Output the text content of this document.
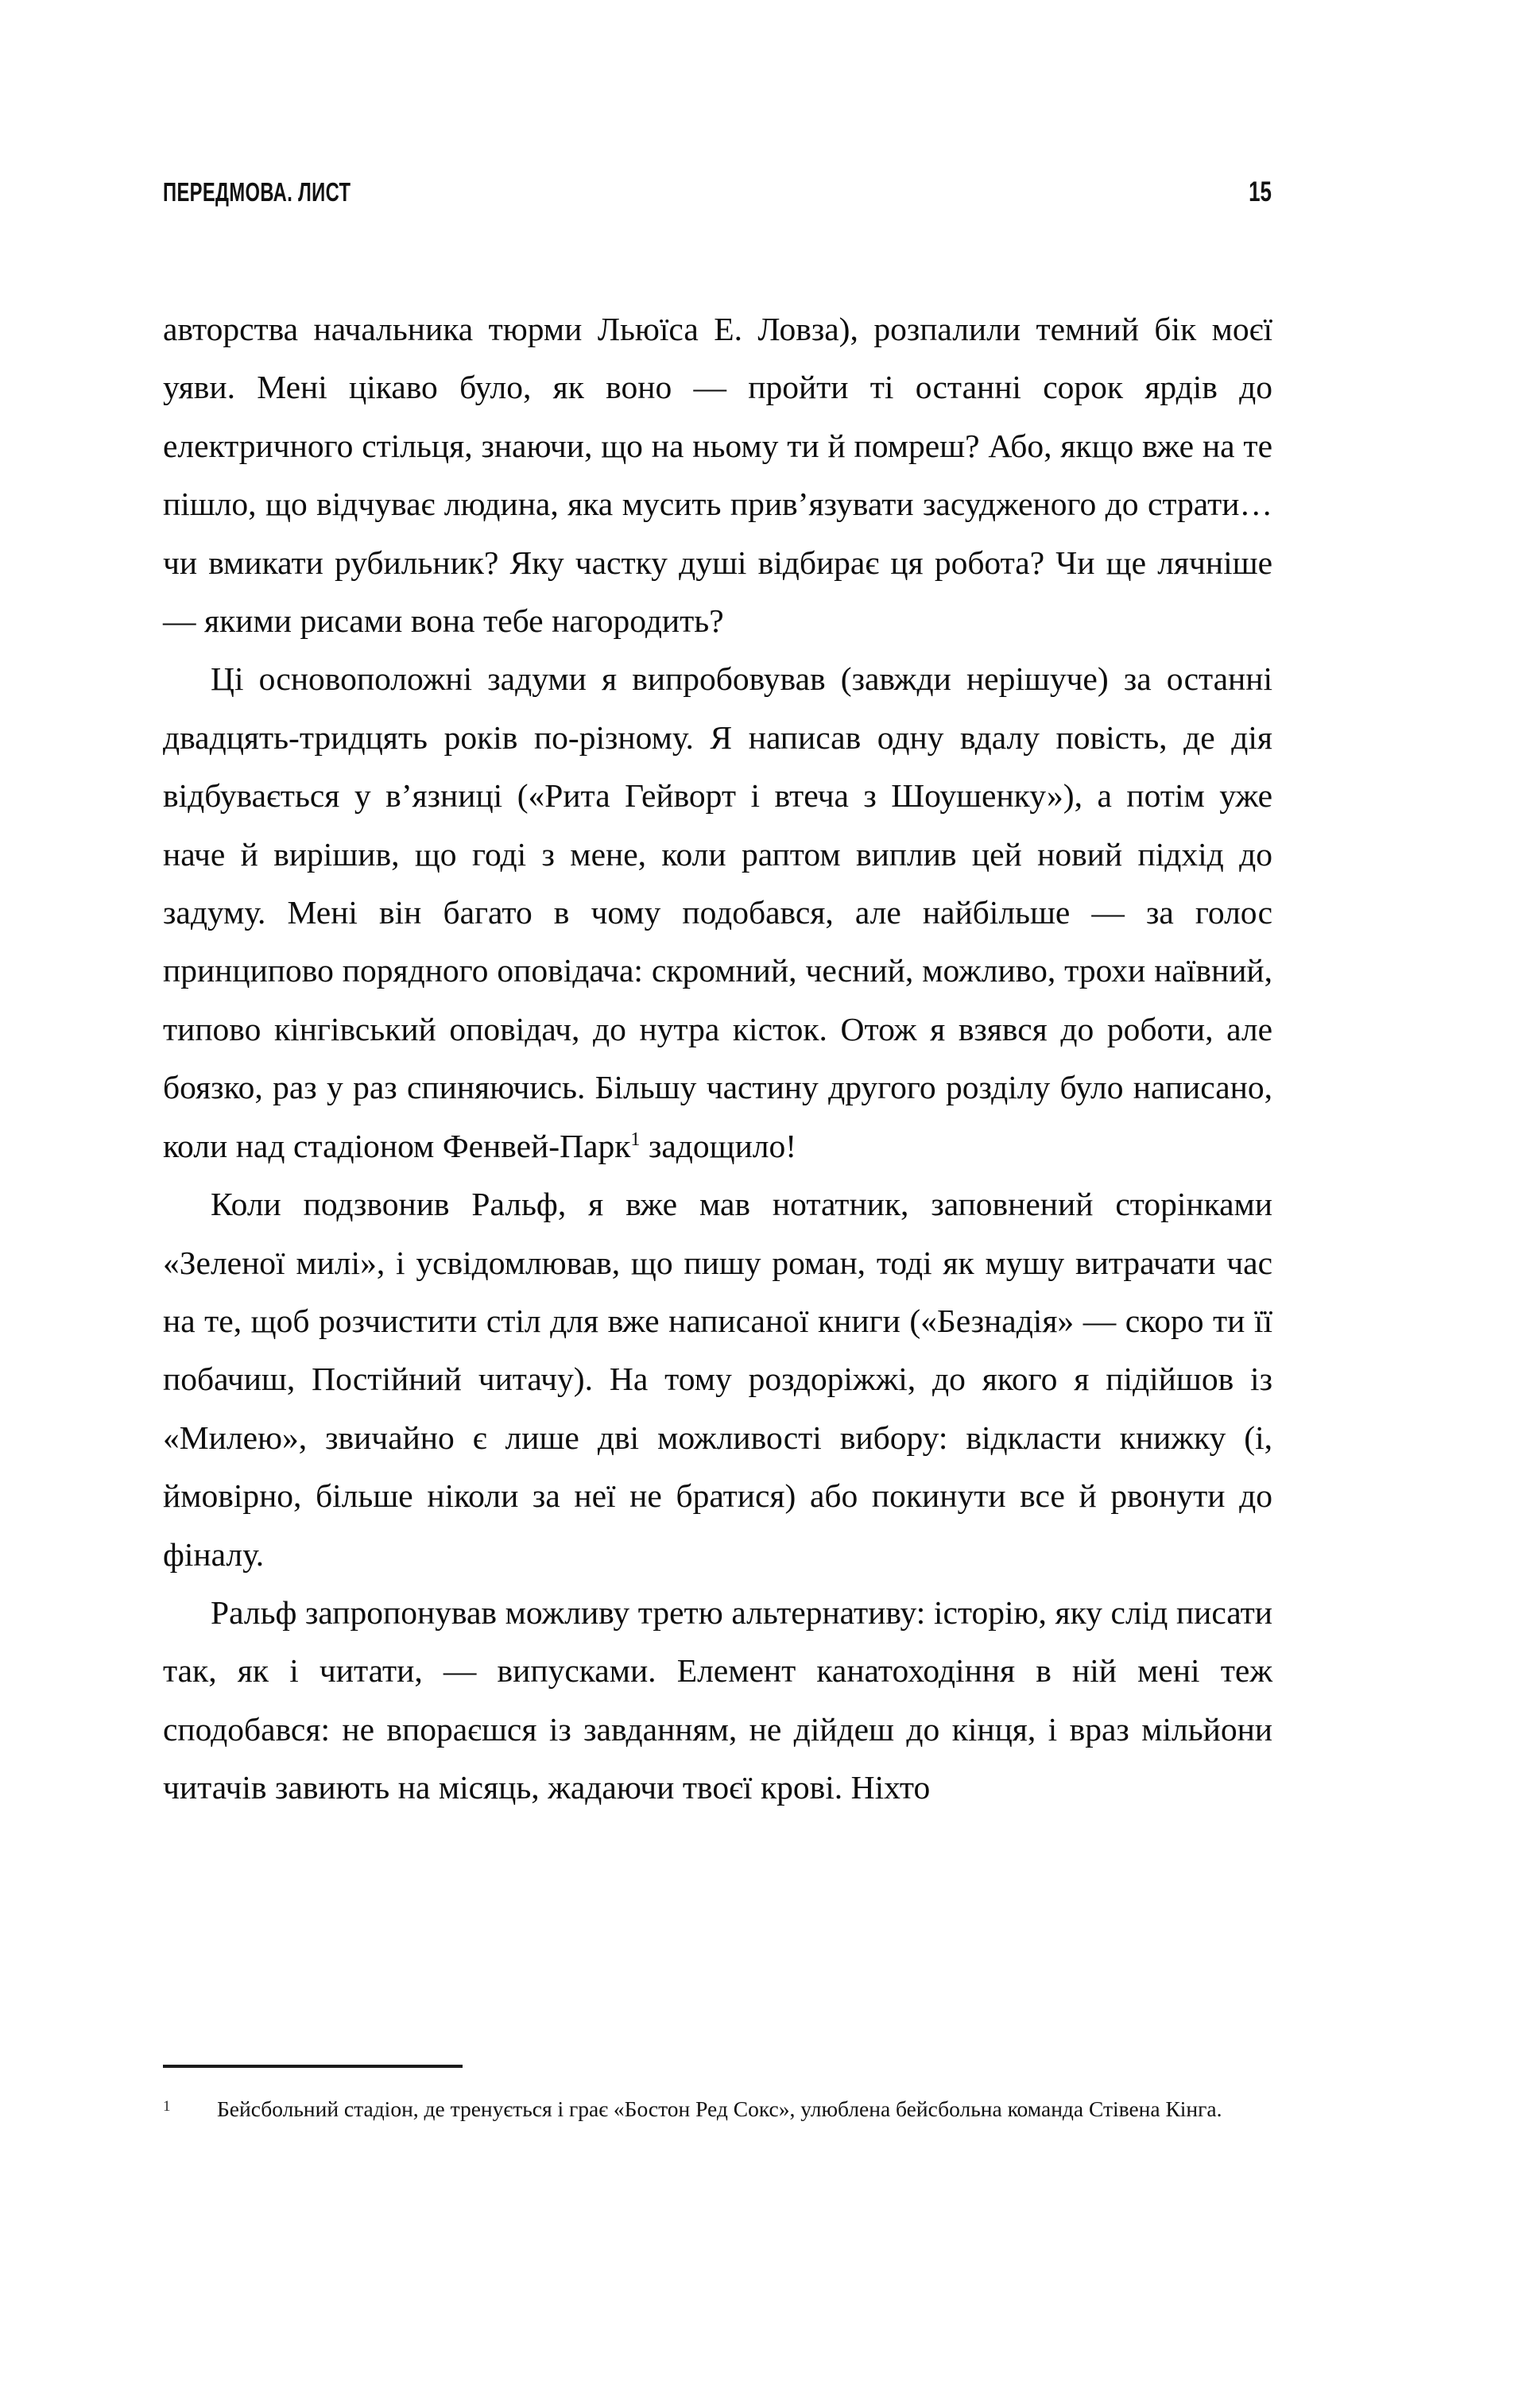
ПЕРЕДМОВА. ЛИСТ	15

авторства начальника тюрми Льюїса Е. Ловза), розпалили темний бік моєї уяви. Мені цікаво було, як воно — пройти ті останні сорок ярдів до електричного стільця, знаючи, що на ньому ти й помреш? Або, якщо вже на те пішло, що відчуває людина, яка мусить прив’язувати засудженого до страти… чи вмикати рубильник? Яку частку душі відбирає ця робота? Чи ще лячніше — якими рисами вона тебе нагородить?

Ці основоположні задуми я випробовував (завжди нерішуче) за останні двадцять-тридцять років по-різному. Я написав одну вдалу повість, де дія відбувається у в’язниці («Рита Гейворт і втеча з Шоушенку»), а потім уже наче й вирішив, що годі з мене, коли раптом виплив цей новий підхід до задуму. Мені він багато в чому подобався, але найбільше — за голос принципово порядного оповідача: скромний, чесний, можливо, трохи наївний, типово кінгівський оповідач, до нутра кісток. Отож я взявся до роботи, але боязко, раз у раз спиняючись. Більшу частину другого розділу було написано, коли над стадіоном Фенвей-Парк$^1$ задощило!

Коли подзвонив Ральф, я вже мав нотатник, заповнений сторінками «Зеленої милі», і усвідомлював, що пишу роман, тоді як мушу витрачати час на те, щоб розчистити стіл для вже написаної книги («Безнадія» — скоро ти її побачиш, Постійний читачу). На тому роздоріжжі, до якого я підійшов із «Милею», звичайно є лише дві можливості вибору: відкласти книжку (і, ймовірно, більше ніколи за неї не братися) або покинути все й рвонути до фіналу.

Ральф запропонував можливу третю альтернативу: історію, яку слід писати так, як і читати, — випусками. Елемент канатоходіння в ній мені теж сподобався: не впораєшся із завданням, не дійдеш до кінця, і враз мільйони читачів завиють на місяць, жадаючи твоєї крові. Ніхто

1	Бейсбольний стадіон, де тренується і грає «Бостон Ред Сокс», улюблена бейсбольна команда Стівена Кінга.
